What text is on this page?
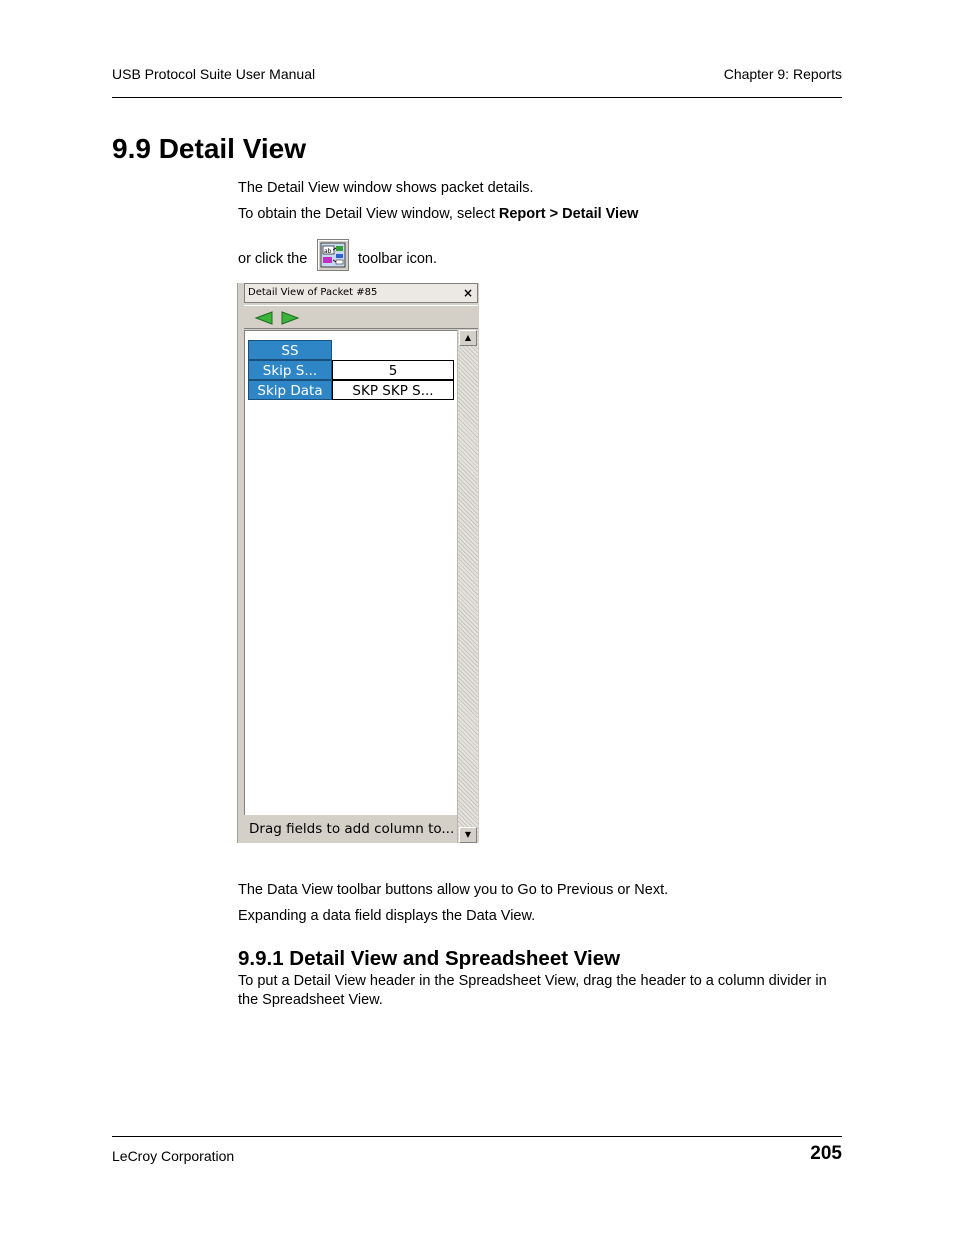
USB Protocol Suite User Manual	Chapter 9: Reports
9.9 Detail View
The Detail View window shows packet details.
To obtain the Detail View window, select Report > Detail View
or click the	ab toolbar icon.
Detail View of Packet #85	×
SS
Skip S...	5
Skip Data	SKP SKP S...
▲
▼
Drag fields to add column to...
The Data View toolbar buttons allow you to Go to Previous or Next.
Expanding a data field displays the Data View.
9.9.1 Detail View and Spreadsheet View
To put a Detail View header in the Spreadsheet View, drag the header to a column divider in the Spreadsheet View.
LeCroy Corporation	205
